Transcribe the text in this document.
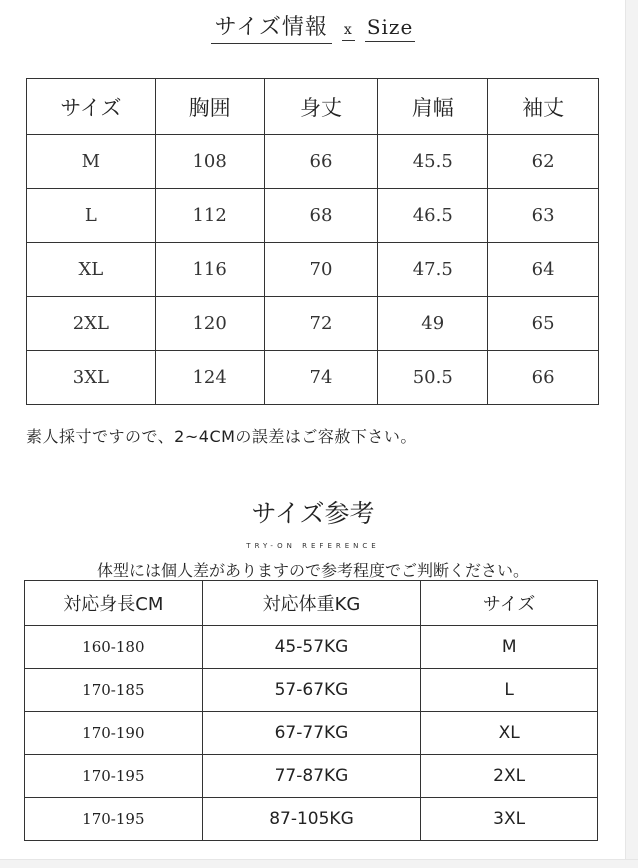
サイズ情報 x Size
サイズ	胸囲	身丈	肩幅	袖丈
M	108	66	45.5	62
L	112	68	46.5	63
XL	116	70	47.5	64
2XL	120	72	49	65
3XL	124	74	50.5	66
素人採寸ですので、2~4CMの誤差はご容赦下さい。
サイズ参考
TRY-ON REFERENCE
体型には個人差がありますので参考程度でご判断ください。
対応身長CM	対応体重KG	サイズ
160-180	45-57KG	M
170-185	57-67KG	L
170-190	67-77KG	XL
170-195	77-87KG	2XL
170-195	87-105KG	3XL
